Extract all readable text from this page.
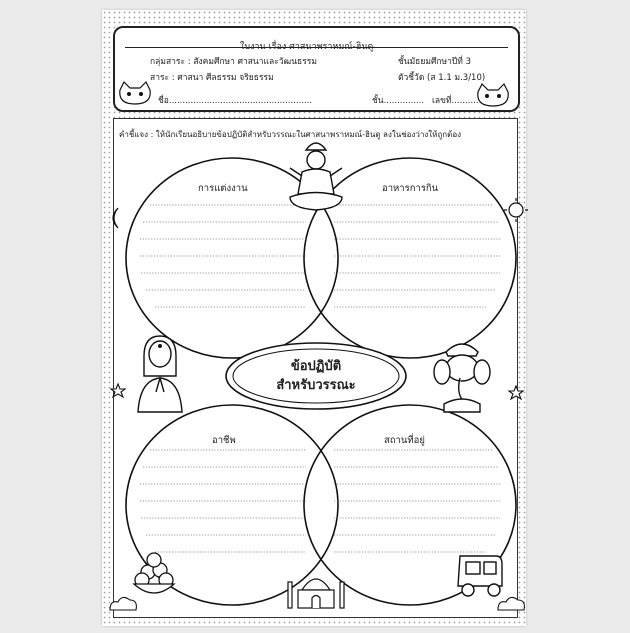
ใบงาน เรื่อง ศาสนาพราหมณ์-ฮินดู
กลุ่มสาระ : สังคมศึกษา ศาสนาและวัฒนธรรม	ชั้นมัธยมศึกษาปีที่ 3
สาระ : ศาสนา ศีลธรรม จริยธรรม	ตัวชี้วัด (ส 1.1 ม.3/10)
ชื่อ.....................................................	ชั้น............... เลขที่..........
คำชี้แจง : ให้นักเรียนอธิบายข้อปฏิบัติสำหรับวรรณะในศาสนาพราหมณ์-ฮินดู ลงในช่องว่างให้ถูกต้อง
การแต่งงาน	อาหารการกิน
อาชีพ	สถานที่อยู่
ข้อปฏิบัติ
สำหรับวรรณะ
